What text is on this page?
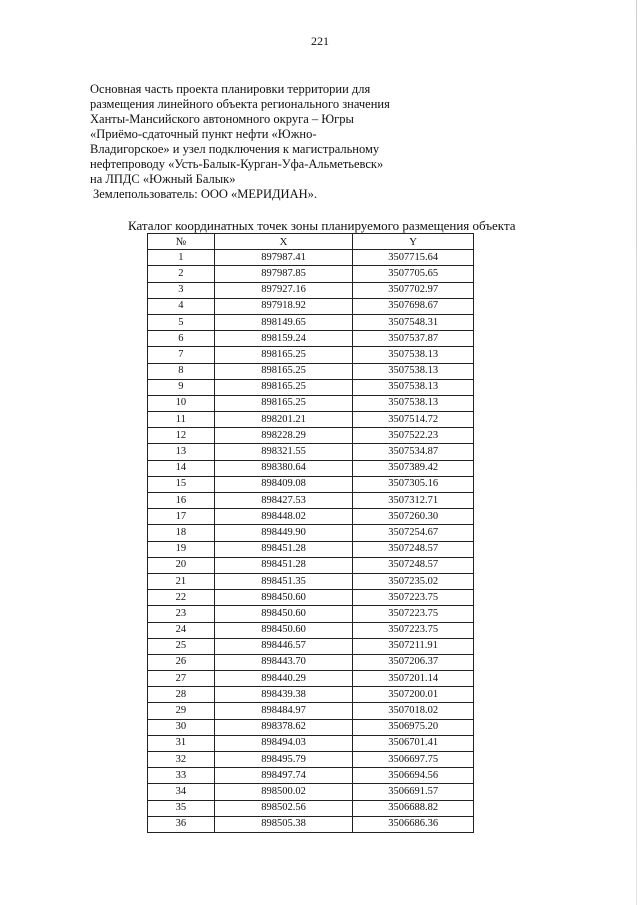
221
Основная часть проекта планировки территории для
размещения линейного объекта регионального значения
Ханты-Мансийского автономного округа – Югры
«Приёмо-сдаточный пункт нефти «Южно-
Владигорское» и узел подключения к магистральному
нефтепроводу «Усть-Балык-Курган-Уфа-Альметьевск»
на ЛПДС «Южный Балык»
Землепользователь: ООО «МЕРИДИАН».
Каталог координатных точек зоны планируемого размещения объекта
№	X	Y
1	897987.41	3507715.64
2	897987.85	3507705.65
3	897927.16	3507702.97
4	897918.92	3507698.67
5	898149.65	3507548.31
6	898159.24	3507537.87
7	898165.25	3507538.13
8	898165.25	3507538.13
9	898165.25	3507538.13
10	898165.25	3507538.13
11	898201.21	3507514.72
12	898228.29	3507522.23
13	898321.55	3507534.87
14	898380.64	3507389.42
15	898409.08	3507305.16
16	898427.53	3507312.71
17	898448.02	3507260.30
18	898449.90	3507254.67
19	898451.28	3507248.57
20	898451.28	3507248.57
21	898451.35	3507235.02
22	898450.60	3507223.75
23	898450.60	3507223.75
24	898450.60	3507223.75
25	898446.57	3507211.91
26	898443.70	3507206.37
27	898440.29	3507201.14
28	898439.38	3507200.01
29	898484.97	3507018.02
30	898378.62	3506975.20
31	898494.03	3506701.41
32	898495.79	3506697.75
33	898497.74	3506694.56
34	898500.02	3506691.57
35	898502.56	3506688.82
36	898505.38	3506686.36
